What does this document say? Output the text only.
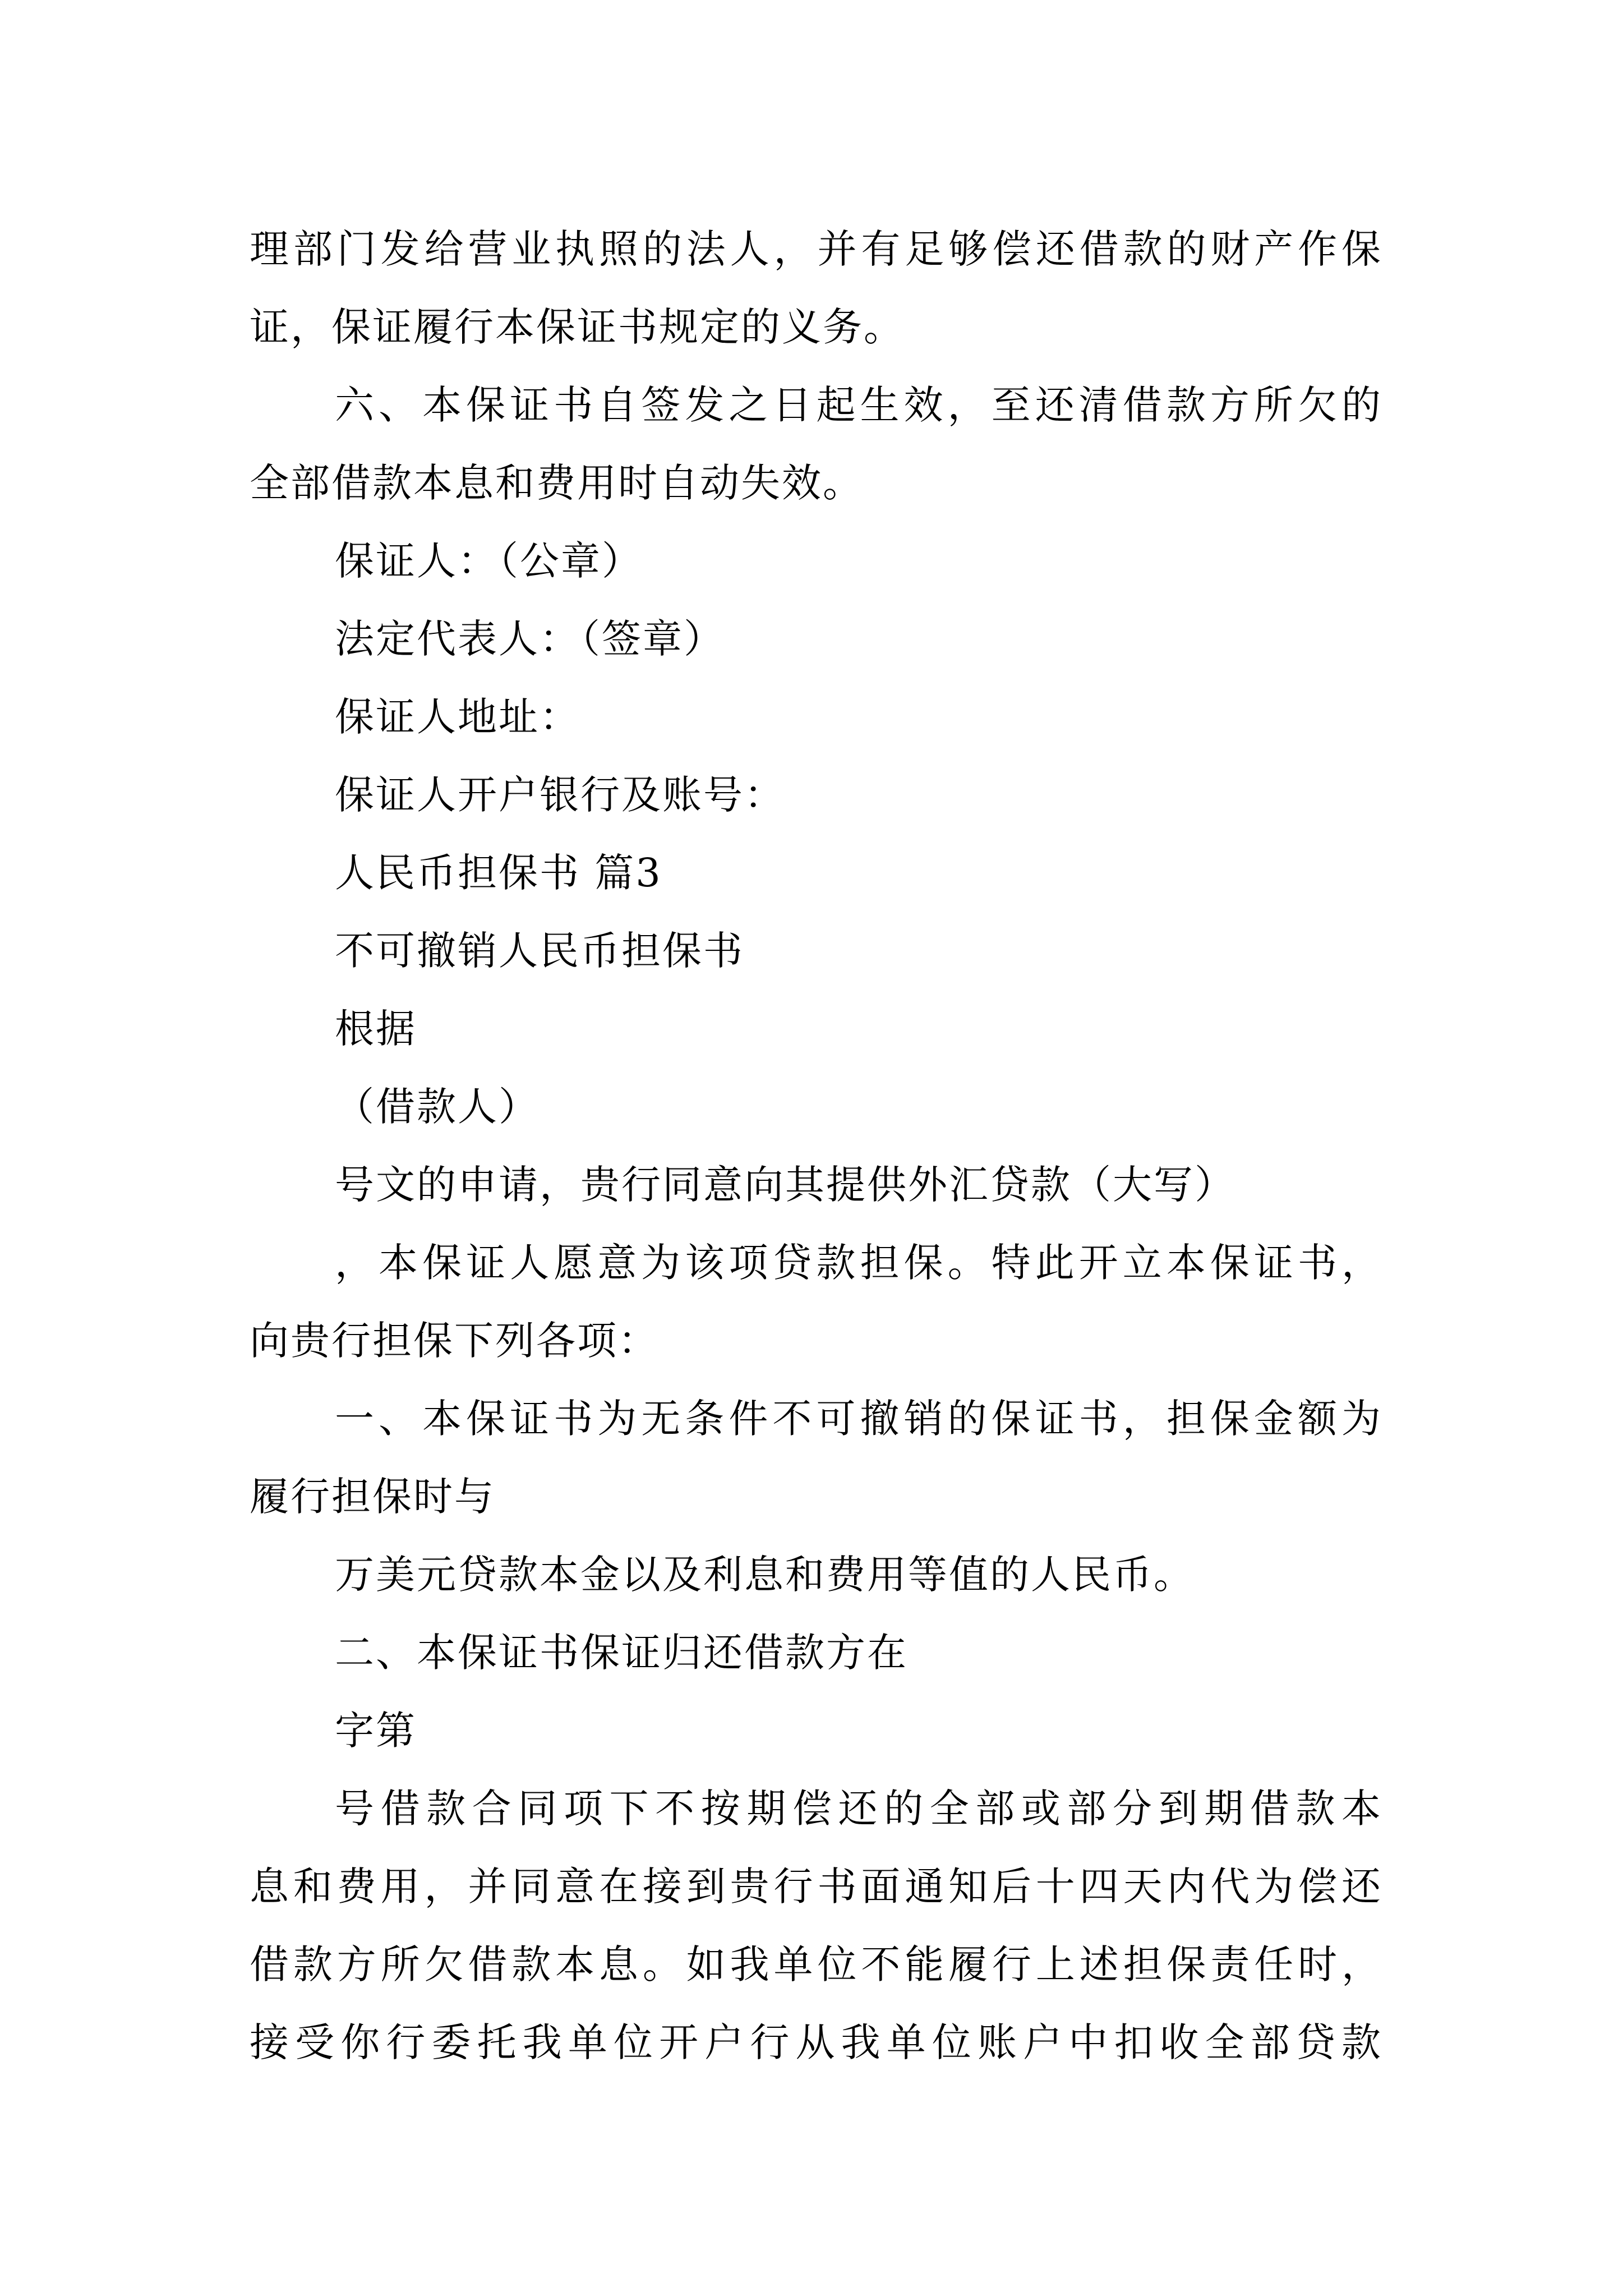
理部门发给营业执照的法人，并有足够偿还借款的财产作保
证，保证履行本保证书规定的义务。
六、本保证书自签发之日起生效，至还清借款方所欠的
全部借款本息和费用时自动失效。
保证人：（公章）
法定代表人：（签章）
保证人地址：
保证人开户银行及账号：
人民币担保书 篇3
不可撤销人民币担保书
根据
（借款人）
号文的申请，贵行同意向其提供外汇贷款（大写）
，本保证人愿意为该项贷款担保。特此开立本保证书，
向贵行担保下列各项：
一、本保证书为无条件不可撤销的保证书，担保金额为
履行担保时与
万美元贷款本金以及利息和费用等值的人民币。
二、本保证书保证归还借款方在
字第
号借款合同项下不按期偿还的全部或部分到期借款本
息和费用，并同意在接到贵行书面通知后十四天内代为偿还
借款方所欠借款本息。如我单位不能履行上述担保责任时，
接受你行委托我单位开户行从我单位账户中扣收全部贷款
